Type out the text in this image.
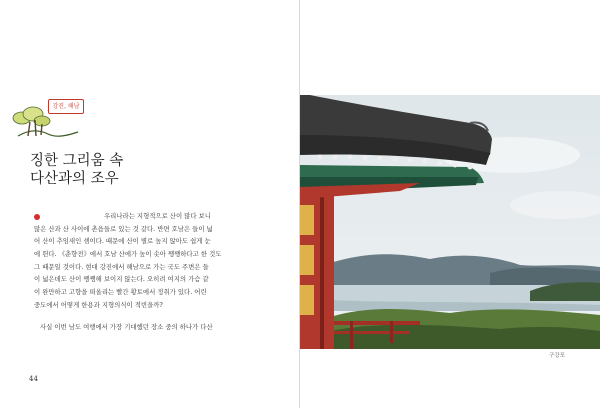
강진, 해남
징한 그리움 속
다산과의 조우
우리나라는 지형적으로 산이 많다 보니
많은 산과 산 사이에 촌읍들로 있는 것 같다. 반면 호남은 들이 넓
어 산이 추임새인 셈이다. 때문에 산이 별로 높지 않아도 쉽게 눈
에 띈다. 《춘향전》에서 호남 산에가 높이 솟아 쨍쨍하다고 한 것도
그 때문일 것이다. 현대 강진에서 해남으로 가는 국도 주변은 들
이 넓은데도 산이 쨍쨍해 보이지 않는다. 오히려 여지의 가슴 같
이 완만하고 고향을 떠올리는 빨간 황토에서 정취가 있다. 어린
중도에서 어떻게 한용과 지형의식이 적빈을까?
사실 이번 남도 여행에서 가장 기대했던 장소 중의 하나가 다산
44
구강포
